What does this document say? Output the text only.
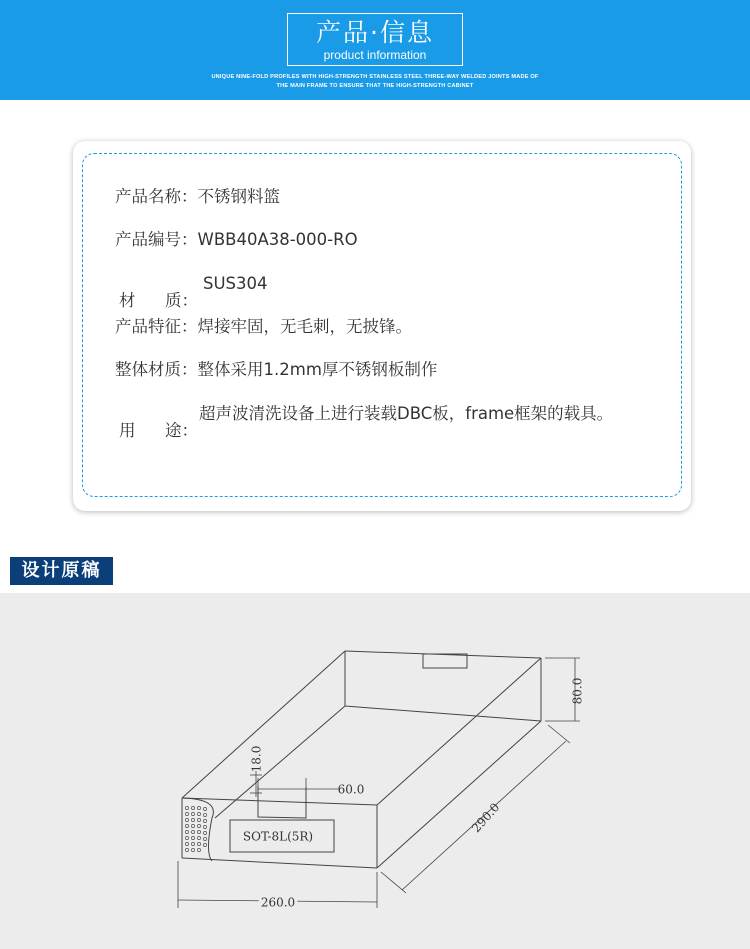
产品·信息
product information
UNIQUE NINE-FOLD PROFILES WITH HIGH-STRENGTH STAINLESS STEEL THREE-WAY WELDED JOINTS MADE OF
THE MAIN FRAME TO ENSURE THAT THE HIGH-STRENGTH CABINET
产品名称：不锈钢料篮
产品编号：WBB40A38-000-RO
材 质：
SUS304
产品特征：焊接牢固，无毛刺，无披锋。
整体材质：整体采用1.2mm厚不锈钢板制作
用 途：
超声波清洗设备上进行装载DBC板，frame框架的载具。
设计原稿
80.0
290.0
260.0
60.0
18.0
SOT-8L(5R)
